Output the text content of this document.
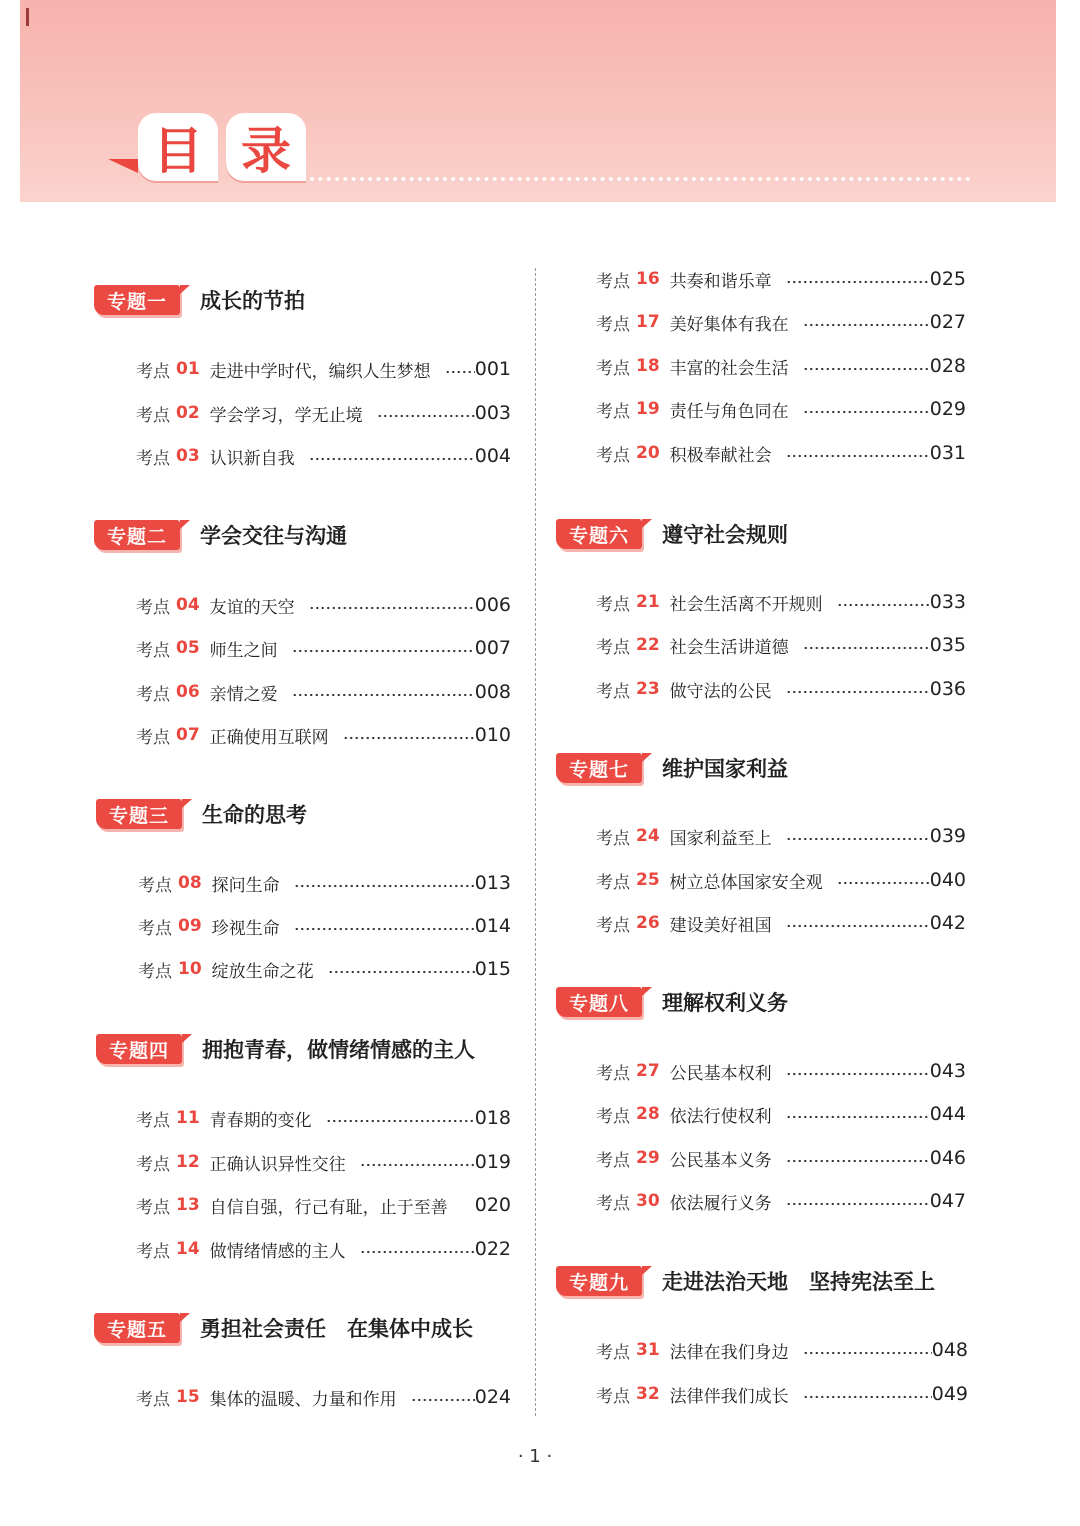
目 录
专题一	成长的节拍
考点 01 走进中学时代，编织人生梦想 001
考点 02 学会学习，学无止境	003
考点 03 认识新自我	004
专题二	学会交往与沟通
考点 04 友谊的天空	006
考点 05 师生之间	007
考点 06 亲情之爱	008
考点 07 正确使用互联网	010
专题三	生命的思考
考点 08 探问生命	013
考点 09 珍视生命	014
考点 10 绽放生命之花	015
专题四	拥抱青春，做情绪情感的主人
考点 11 青春期的变化	018
考点 12 正确认识异性交往	019
考点 13 自信自强，行己有耻，止于至善 020
考点 14 做情绪情感的主人	022
专题五	勇担社会责任　在集体中成长
考点 15 集体的温暖、力量和作用	024
考点 16 共奏和谐乐章	025
考点 17 美好集体有我在	027
考点 18 丰富的社会生活	028
考点 19 责任与角色同在	029
考点 20 积极奉献社会	031
专题六	遵守社会规则
考点 21 社会生活离不开规则	033
考点 22 社会生活讲道德	035
考点 23 做守法的公民	036
专题七	维护国家利益
考点 24 国家利益至上	039
考点 25 树立总体国家安全观	040
考点 26 建设美好祖国	042
专题八	理解权利义务
考点 27 公民基本权利	043
考点 28 依法行使权利	044
考点 29 公民基本义务	046
考点 30 依法履行义务	047
专题九	走进法治天地　坚持宪法至上
考点 31 法律在我们身边	048
考点 32 法律伴我们成长	049
· 1 ·
